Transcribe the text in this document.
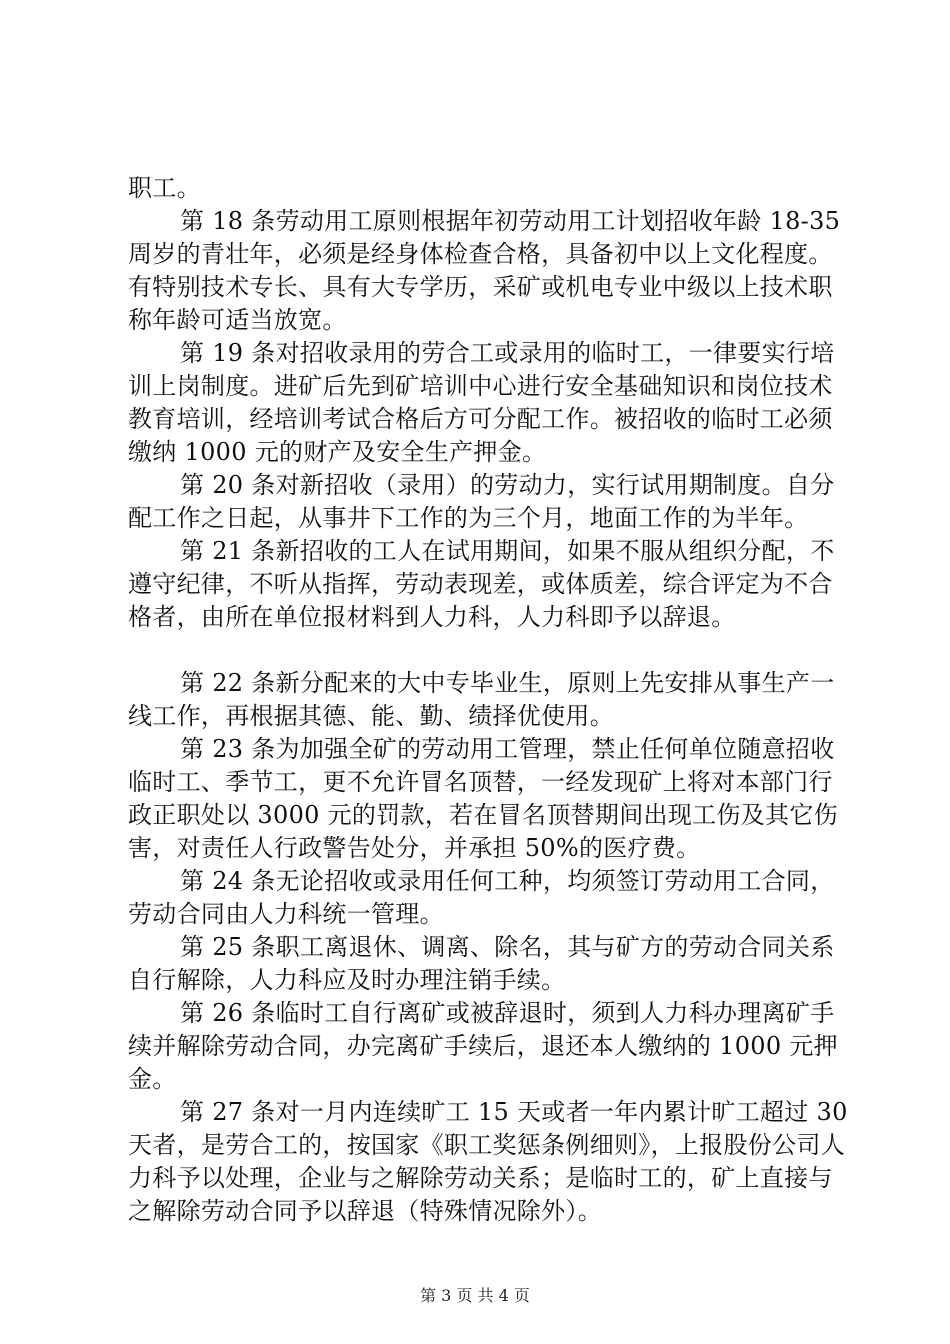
职工。

第 18 条劳动用工原则根据年初劳动用工计划招收年龄 18-35 周岁的青壮年，必须是经身体检查合格，具备初中以上文化程度。有特别技术专长、具有大专学历，采矿或机电专业中级以上技术职称年龄可适当放宽。

第 19 条对招收录用的劳合工或录用的临时工，一律要实行培训上岗制度。进矿后先到矿培训中心进行安全基础知识和岗位技术教育培训，经培训考试合格后方可分配工作。被招收的临时工必须缴纳 1000 元的财产及安全生产押金。

第 20 条对新招收（录用）的劳动力，实行试用期制度。自分配工作之日起，从事井下工作的为三个月，地面工作的为半年。

第 21 条新招收的工人在试用期间，如果不服从组织分配，不遵守纪律，不听从指挥，劳动表现差，或体质差，综合评定为不合格者，由所在单位报材料到人力科，人力科即予以辞退。

第 22 条新分配来的大中专毕业生，原则上先安排从事生产一线工作，再根据其德、能、勤、绩择优使用。

第 23 条为加强全矿的劳动用工管理，禁止任何单位随意招收临时工、季节工，更不允许冒名顶替，一经发现矿上将对本部门行政正职处以 3000 元的罚款，若在冒名顶替期间出现工伤及其它伤害，对责任人行政警告处分，并承担 50%的医疗费。

第 24 条无论招收或录用任何工种，均须签订劳动用工合同，劳动合同由人力科统一管理。

第 25 条职工离退休、调离、除名，其与矿方的劳动合同关系自行解除，人力科应及时办理注销手续。

第 26 条临时工自行离矿或被辞退时，须到人力科办理离矿手续并解除劳动合同，办完离矿手续后，退还本人缴纳的 1000 元押金。

第 27 条对一月内连续旷工 15 天或者一年内累计旷工超过 30 天者，是劳合工的，按国家《职工奖惩条例细则》，上报股份公司人力科予以处理，企业与之解除劳动关系；是临时工的，矿上直接与之解除劳动合同予以辞退（特殊情况除外）。

第 3 页 共 4 页
